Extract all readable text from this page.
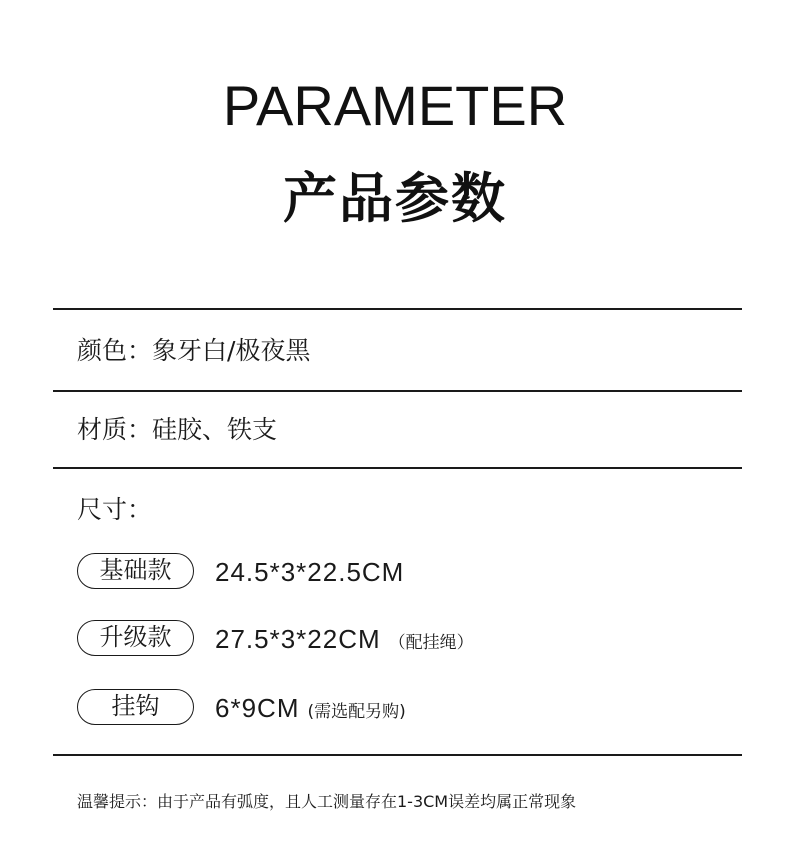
PARAMETER
产品参数
颜色：象牙白/极夜黑
材质：硅胶、铁支
尺寸：
基础款	24.5*3*22.5CM
升级款	27.5*3*22CM （配挂绳）
挂钩	6*9CM (需选配另购)
温馨提示：由于产品有弧度，且人工测量存在1-3CM误差均属正常现象
